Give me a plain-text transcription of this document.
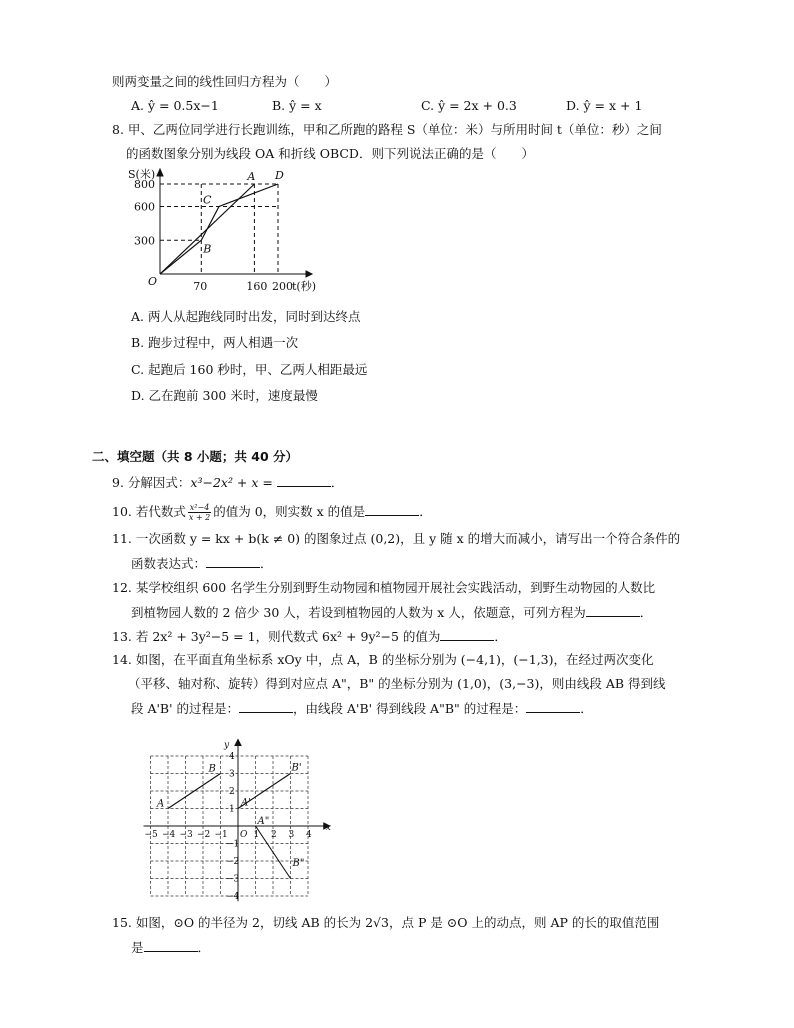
则两变量之间的线性回归方程为（　　）
A. ŷ = 0.5x−1	B. ŷ = x	C. ŷ = 2x + 0.3	D. ŷ = x + 1
8. 甲、乙两位同学进行长跑训练，甲和乙所跑的路程 S（单位：米）与所用时间 t（单位：秒）之间
的函数图象分别为线段 OA 和折线 OBCD．则下列说法正确的是（　　）
A
B
C
D
O
S(米)
t(秒)
70	160 200
300
600
800
A. 两人从起跑线同时出发，同时到达终点
B. 跑步过程中，两人相遇一次
C. 起跑后 160 秒时，甲、乙两人相距最远
D. 乙在跑前 300 米时，速度最慢
二、填空题（共 8 小题；共 40 分）
9. 分解因式：x³−2x² + x =	．
10. 若代数式 $\frac{\text{x²−4}}{x + 2}$ 的值为 0，则实数 x 的值是	．
11. 一次函数 y = kx + b(k ≠ 0) 的图象过点 (0,2)，且 y 随 x 的增大而减小，请写出一个符合条件的
函数表达式：	．
12. 某学校组织 600 名学生分别到野生动物园和植物园开展社会实践活动，到野生动物园的人数比
到植物园人数的 2 倍少 30 人，若设到植物园的人数为 x 人，依题意，可列方程为	．
13. 若 2x² + 3y²−5 = 1，则代数式 6x² + 9y²−5 的值为	．
14. 如图，在平面直角坐标系 xOy 中，点 A，B 的坐标分别为 (−4,1)，(−1,3)，在经过两次变化
（平移、轴对称、旋转）得到对应点 A"，B" 的坐标分别为 (1,0)，(3,−3)，则由线段 AB 得到线
段 A'B' 的过程是：	，由线段 A'B' 得到线段 A"B" 的过程是：	．
−5 −4 −3 −2 −1 O 1 2 3 4
4
3
2
1
−1
−2
−3
−4
x
y
A
B
A'
B'
A"
B"
15. 如图，⊙O 的半径为 2，切线 AB 的长为 2√3，点 P 是 ⊙O 上的动点，则 AP 的长的取值范围
是	．
